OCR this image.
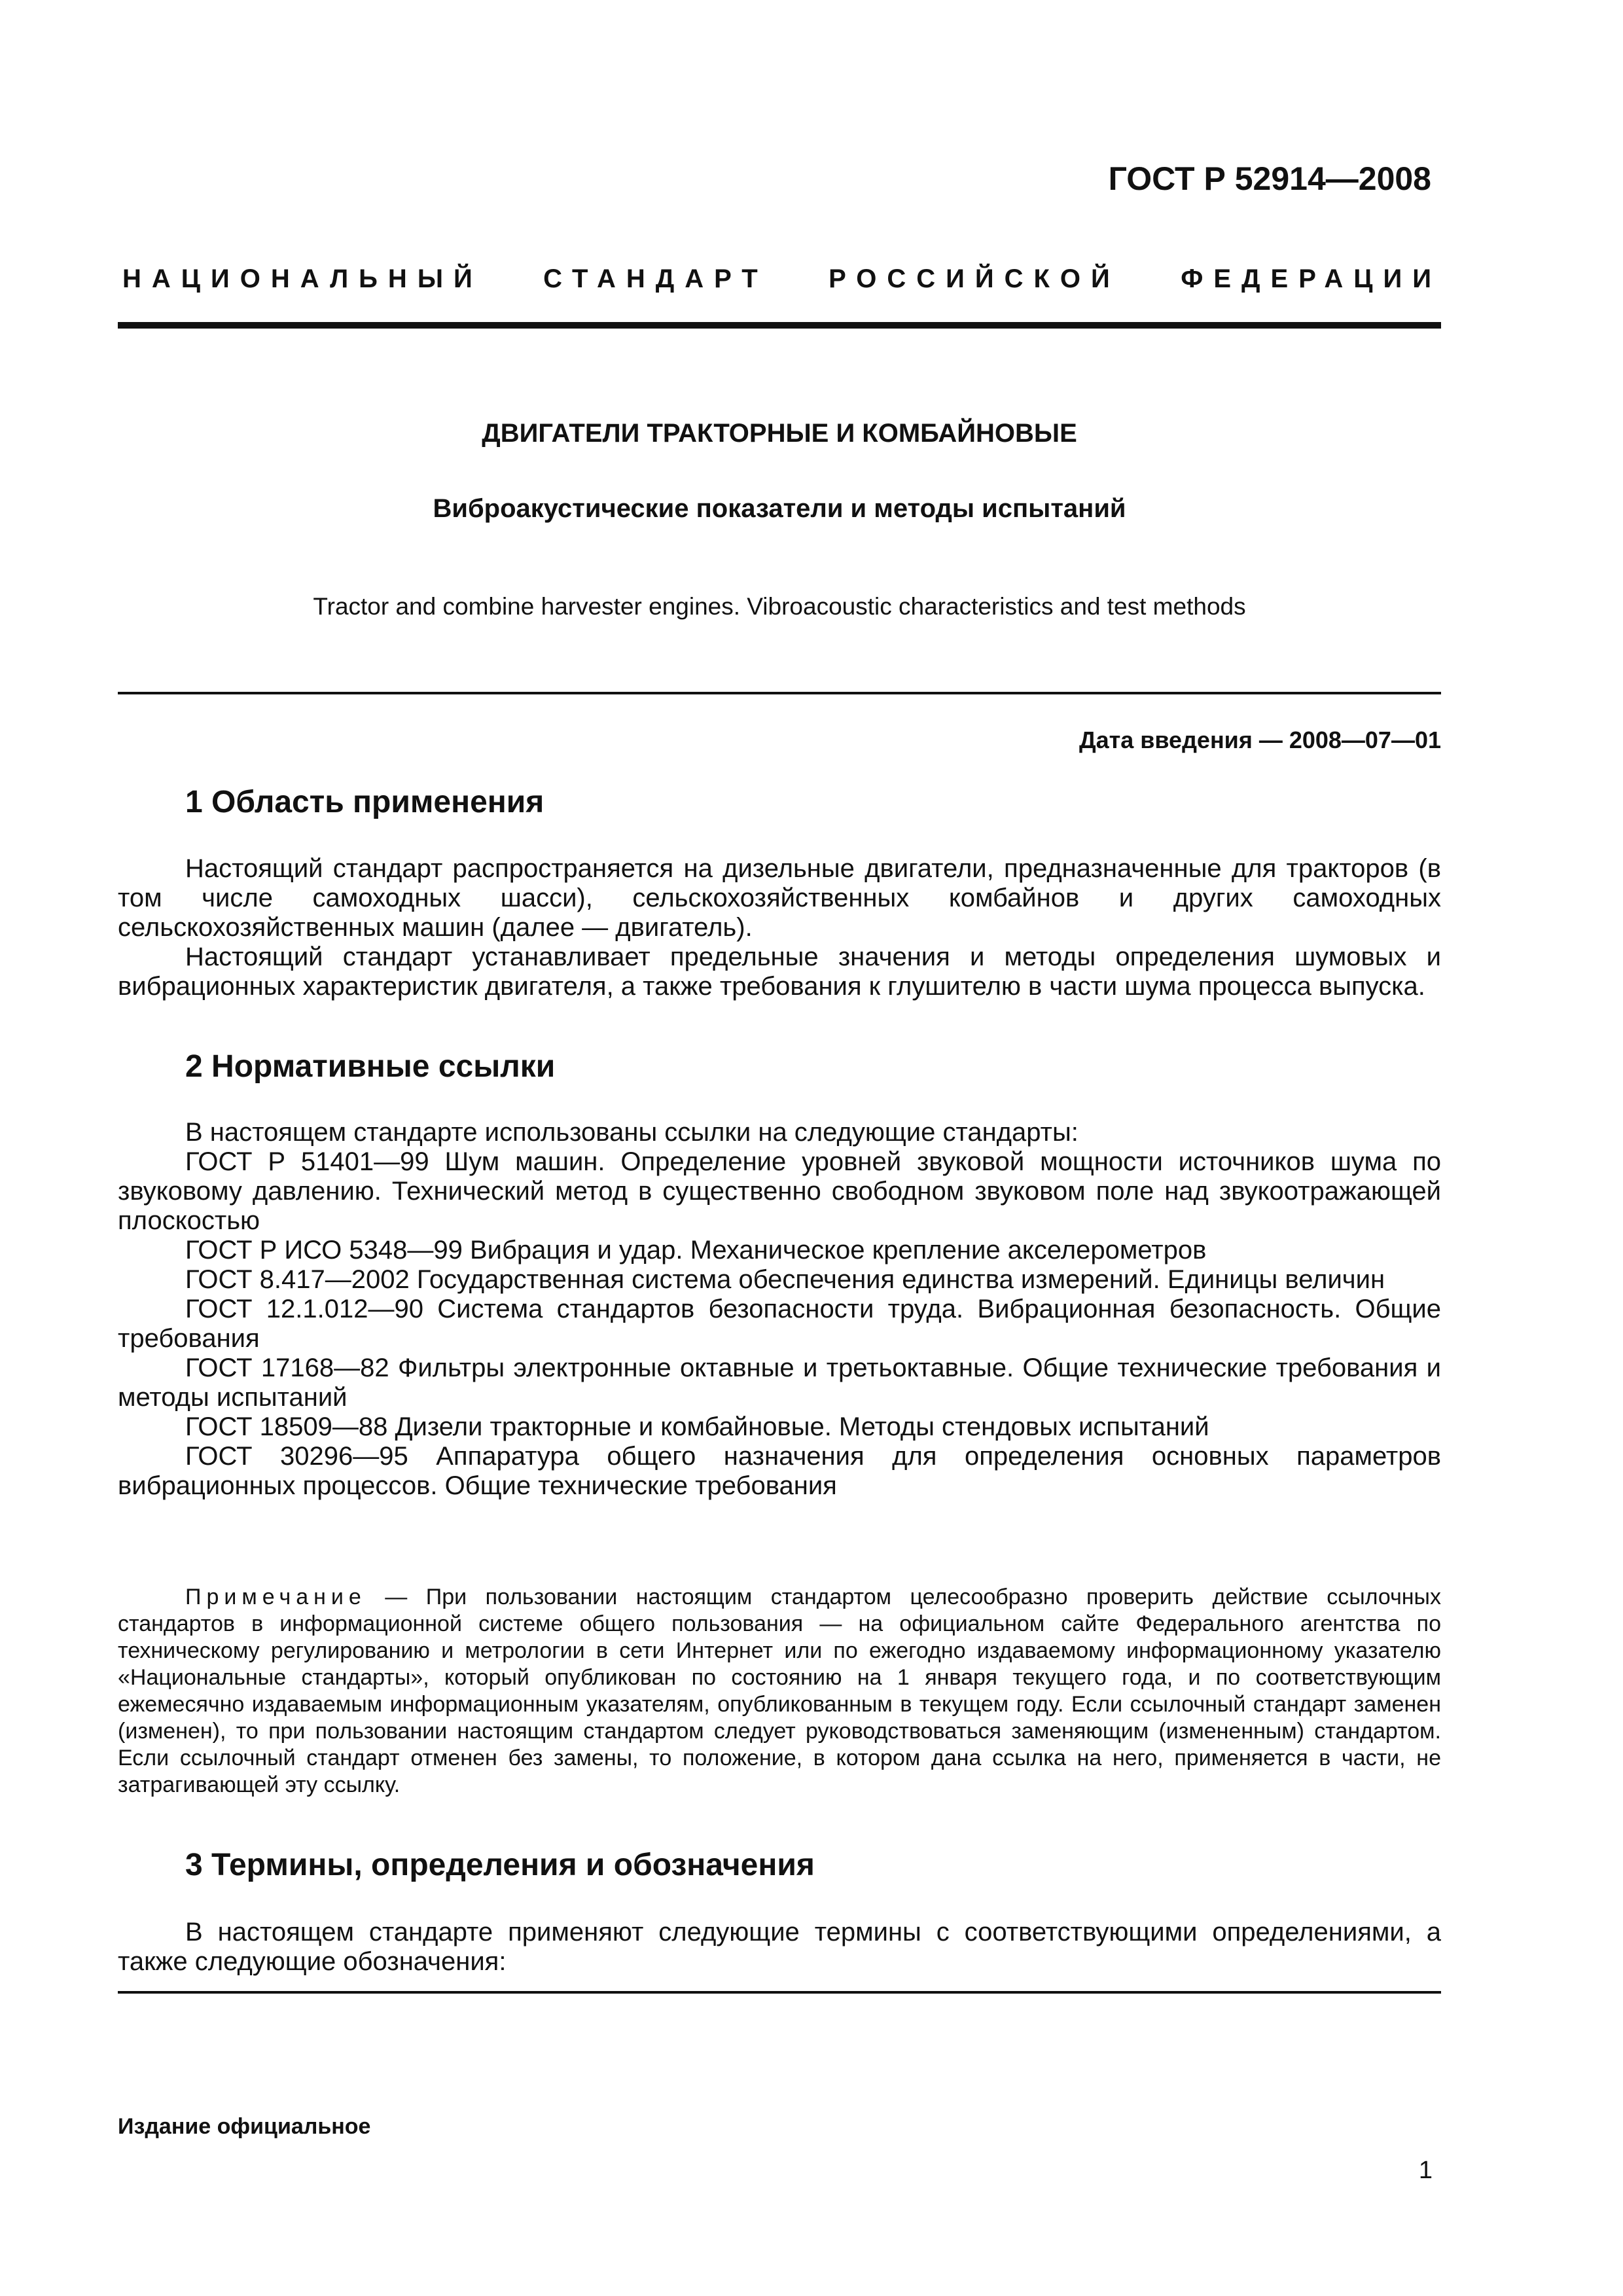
ГОСТ Р 52914—2008
НАЦИОНАЛЬНЫЙ СТАНДАРТ РОССИЙСКОЙ ФЕДЕРАЦИИ
ДВИГАТЕЛИ ТРАКТОРНЫЕ И КОМБАЙНОВЫЕ
Виброакустические показатели и методы испытаний
Tractor and combine harvester engines. Vibroacoustic characteristics and test methods
Дата введения — 2008—07—01
1 Область применения

Настоящий стандарт распространяется на дизельные двигатели, предназначенные для тракторов (в том числе самоходных шасси), сельскохозяйственных комбайнов и других самоходных сельскохозяйственных машин (далее — двигатель).

Настоящий стандарт устанавливает предельные значения и методы определения шумовых и вибрационных характеристик двигателя, а также требования к глушителю в части шума процесса выпуска.

2 Нормативные ссылки

В настоящем стандарте использованы ссылки на следующие стандарты:

ГОСТ Р 51401—99 Шум машин. Определение уровней звуковой мощности источников шума по звуковому давлению. Технический метод в существенно свободном звуковом поле над звукоотражающей плоскостью

ГОСТ Р ИСО 5348—99 Вибрация и удар. Механическое крепление акселерометров

ГОСТ 8.417—2002 Государственная система обеспечения единства измерений. Единицы величин

ГОСТ 12.1.012—90 Система стандартов безопасности труда. Вибрационная безопасность. Общие требования

ГОСТ 17168—82 Фильтры электронные октавные и третьоктавные. Общие технические требования и методы испытаний

ГОСТ 18509—88 Дизели тракторные и комбайновые. Методы стендовых испытаний

ГОСТ 30296—95 Аппаратура общего назначения для определения основных параметров вибрационных процессов. Общие технические требования

Примечание — При пользовании настоящим стандартом целесообразно проверить действие ссылочных стандартов в информационной системе общего пользования — на официальном сайте Федерального агентства по техническому регулированию и метрологии в сети Интернет или по ежегодно издаваемому информационному указателю «Национальные стандарты», который опубликован по состоянию на 1 января текущего года, и по соответствующим ежемесячно издаваемым информационным указателям, опубликованным в текущем году. Если ссылочный стандарт заменен (изменен), то при пользовании настоящим стандартом следует руководствоваться заменяющим (измененным) стандартом. Если ссылочный стандарт отменен без замены, то положение, в котором дана ссылка на него, применяется в части, не затрагивающей эту ссылку.
3 Термины, определения и обозначения

В настоящем стандарте применяют следующие термины с соответствующими определениями, а также следующие обозначения:

Издание официальное
1
